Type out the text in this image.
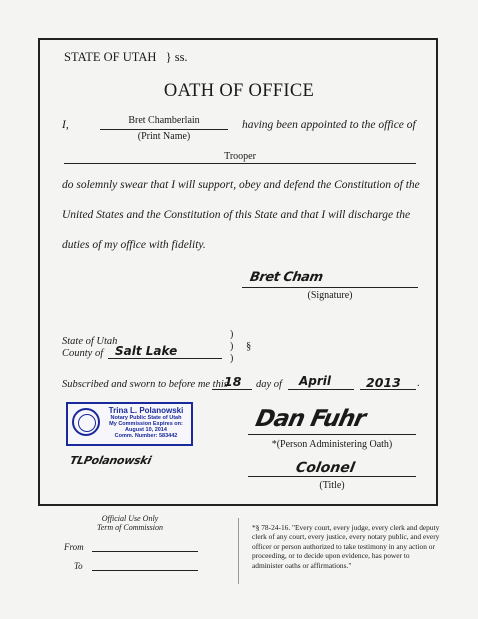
STATE OF UTAH } ss.
OATH OF OFFICE
I,	Bret Chamberlain
(Print Name)
having been appointed to the office of
Trooper
do solemnly swear that I will support, obey and defend the Constitution of the
United States and the Constitution of this State and that I will discharge the
duties of my office with fidelity.
Bret Cham
(Signature)
State of Utah
County of Salt Lake
)
)
)
§
Subscribed and sworn to before me this
18 day of April	2013 .
Trina L. Polanowski
Notary Public State of Utah
My Commission Expires on:
August 10, 2014
Comm. Number: 583442
TLPolanowski
Dan Fuhr
*(Person Administering Oath)
Colonel
(Title)
Official Use Only
Term of Commission
From
To
*§ 78-24-16. "Every court, every judge, every clerk and deputy clerk of any court, every justice, every notary public, and every officer or person authorized to take testimony in any action or proceeding, or to decide upon evidence, has power to administer oaths or affirmations."
